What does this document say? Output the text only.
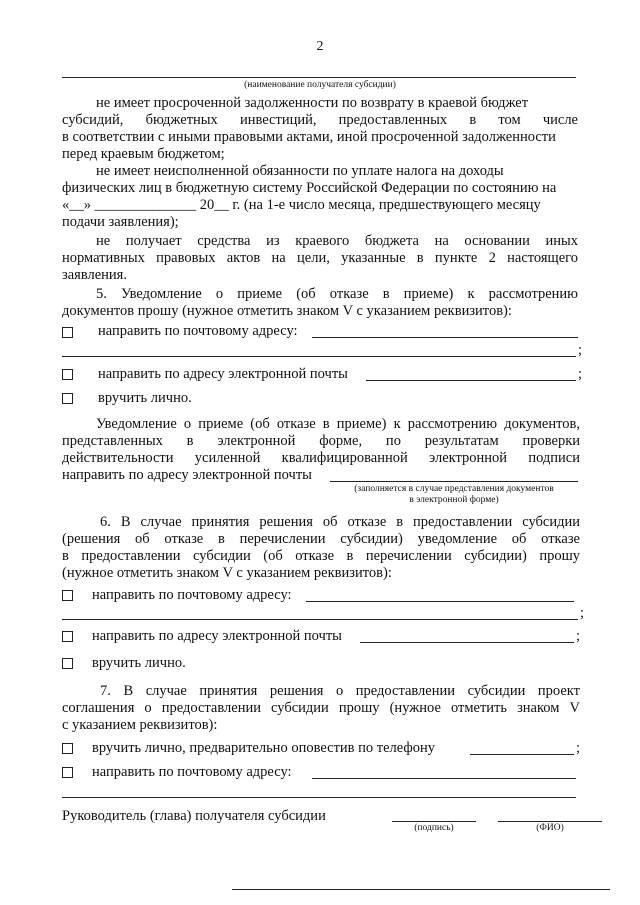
2
(наименование получателя субсидии)
не имеет просроченной задолженности по возврату в краевой бюджет
субсидий, бюджетных инвестиций, предоставленных в том числе
в соответствии с иными правовыми актами, иной просроченной задолженности
перед краевым бюджетом;
не имеет неисполненной обязанности по уплате налога на доходы
физических лиц в бюджетную систему Российской Федерации по состоянию на
«__» ______________ 20__ г. (на 1-е число месяца, предшествующего месяцу
подачи заявления);
не получает средства из краевого бюджета на основании иных
нормативных правовых актов на цели, указанные в пункте 2 настоящего
заявления.
5. Уведомление о приеме (об отказе в приеме) к рассмотрению
документов прошу (нужное отметить знаком V с указанием реквизитов):
направить по почтовому адресу:
;
направить по адресу электронной почты	;
вручить лично.
Уведомление о приеме (об отказе в приеме) к рассмотрению документов,
представленных в электронной форме, по результатам проверки
действительности усиленной квалифицированной электронной подписи
направить по адресу электронной почты
(заполняется в случае представления документов
в электронной форме)
6. В случае принятия решения об отказе в предоставлении субсидии
(решения об отказе в перечислении субсидии) уведомление об отказе
в предоставлении субсидии (об отказе в перечислении субсидии) прошу
(нужное отметить знаком V с указанием реквизитов):
направить по почтовому адресу:
;
направить по адресу электронной почты	;
вручить лично.
7. В случае принятия решения о предоставлении субсидии проект
соглашения о предоставлении субсидии прошу (нужное отметить знаком V
с указанием реквизитов):
вручить лично, предварительно оповестив по телефону	;
направить по почтовому адресу:
Руководитель (глава) получателя субсидии
(подпись)	(ФИО)
